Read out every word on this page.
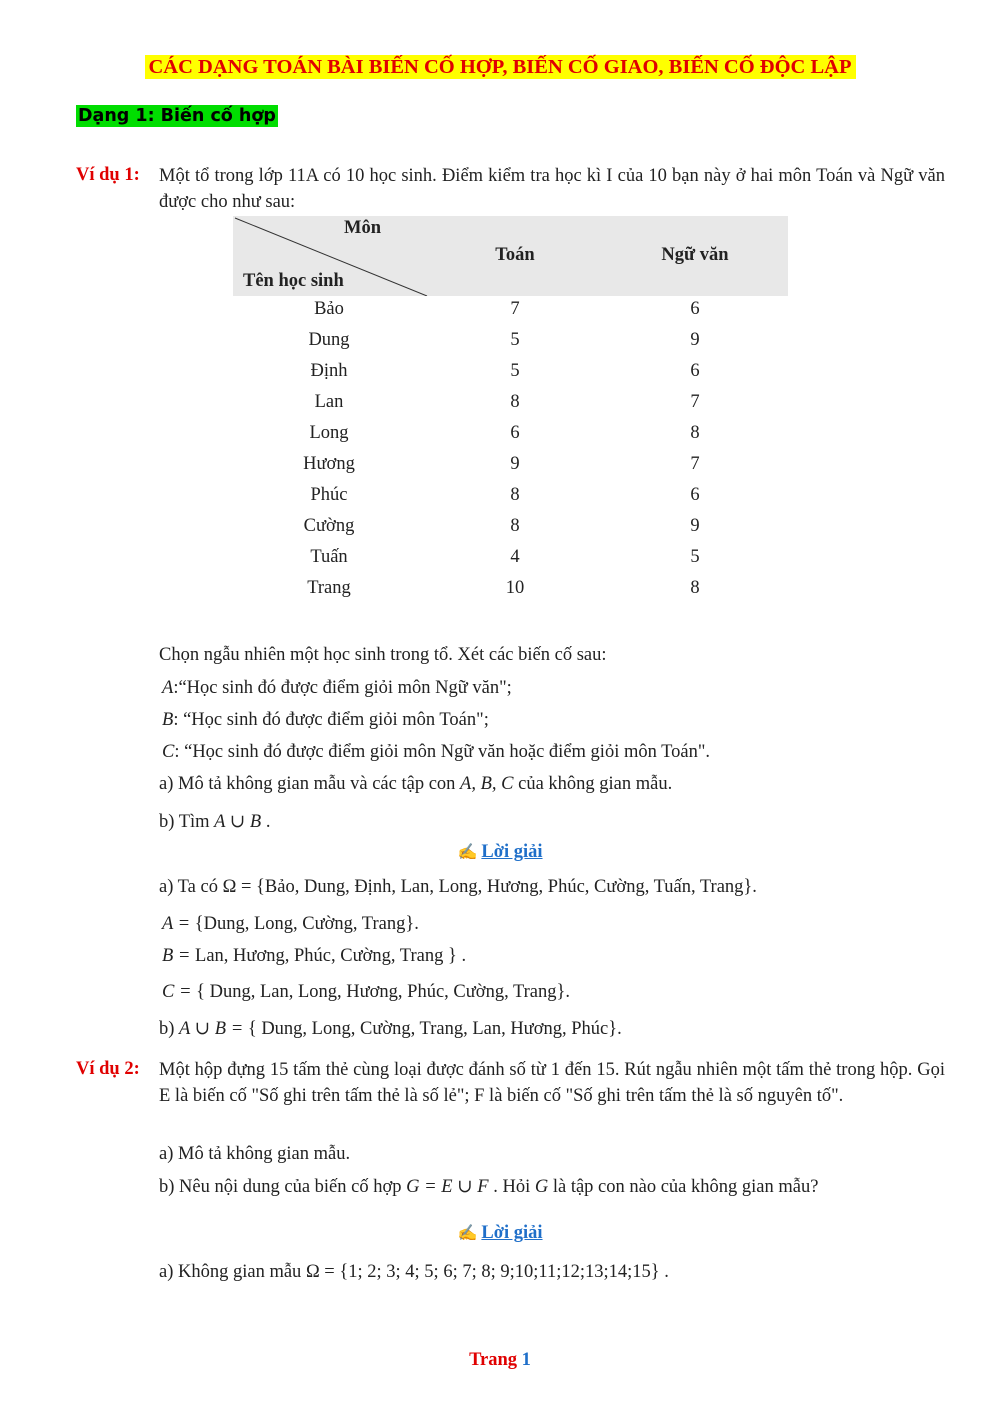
CÁC DẠNG TOÁN BÀI BIẾN CỐ HỢP, BIẾN CỐ GIAO, BIẾN CỐ ĐỘC LẬP
Dạng 1: Biến cố hợp
Ví dụ 1: Một tổ trong lớp 11A có 10 học sinh. Điểm kiểm tra học kì I của 10 bạn này ở hai môn Toán và Ngữ văn được cho như sau:
Môn
Tên học sinh
Toán	Ngữ văn
Bảo	7	6
Dung	5	9
Định	5	6
Lan	8	7
Long	6	8
Hương	9	7
Phúc	8	6
Cường	8	9
Tuấn	4	5
Trang	10	8
Chọn ngẫu nhiên một học sinh trong tổ. Xét các biến cố sau:
A:“Học sinh đó được điểm giỏi môn Ngữ văn";
B: “Học sinh đó được điểm giỏi môn Toán";
C: “Học sinh đó được điểm giỏi môn Ngữ văn hoặc điểm giỏi môn Toán".
a) Mô tả không gian mẫu và các tập con A, B, C của không gian mẫu.
b) Tìm A ∪ B .
✍ Lời giải
a) Ta có Ω = {Bảo, Dung, Định, Lan, Long, Hương, Phúc, Cường, Tuấn, Trang}.
A = {Dung, Long, Cường, Trang}.
B = Lan, Hương, Phúc, Cường, Trang } .
C = { Dung, Lan, Long, Hương, Phúc, Cường, Trang}.
b) A ∪ B = { Dung, Long, Cường, Trang, Lan, Hương, Phúc}.
Ví dụ 2: Một hộp đựng 15 tấm thẻ cùng loại được đánh số từ 1 đến 15. Rút ngẫu nhiên một tấm thẻ trong hộp. Gọi E là biến cố "Số ghi trên tấm thẻ là số lẻ"; F là biến cố "Số ghi trên tấm thẻ là số nguyên tố".
a) Mô tả không gian mẫu.
b) Nêu nội dung của biến cố hợp G = E ∪ F . Hỏi G là tập con nào của không gian mẫu?
✍ Lời giải
a) Không gian mẫu Ω = {1; 2; 3; 4; 5; 6; 7; 8; 9;10;11;12;13;14;15} .
Trang 1
